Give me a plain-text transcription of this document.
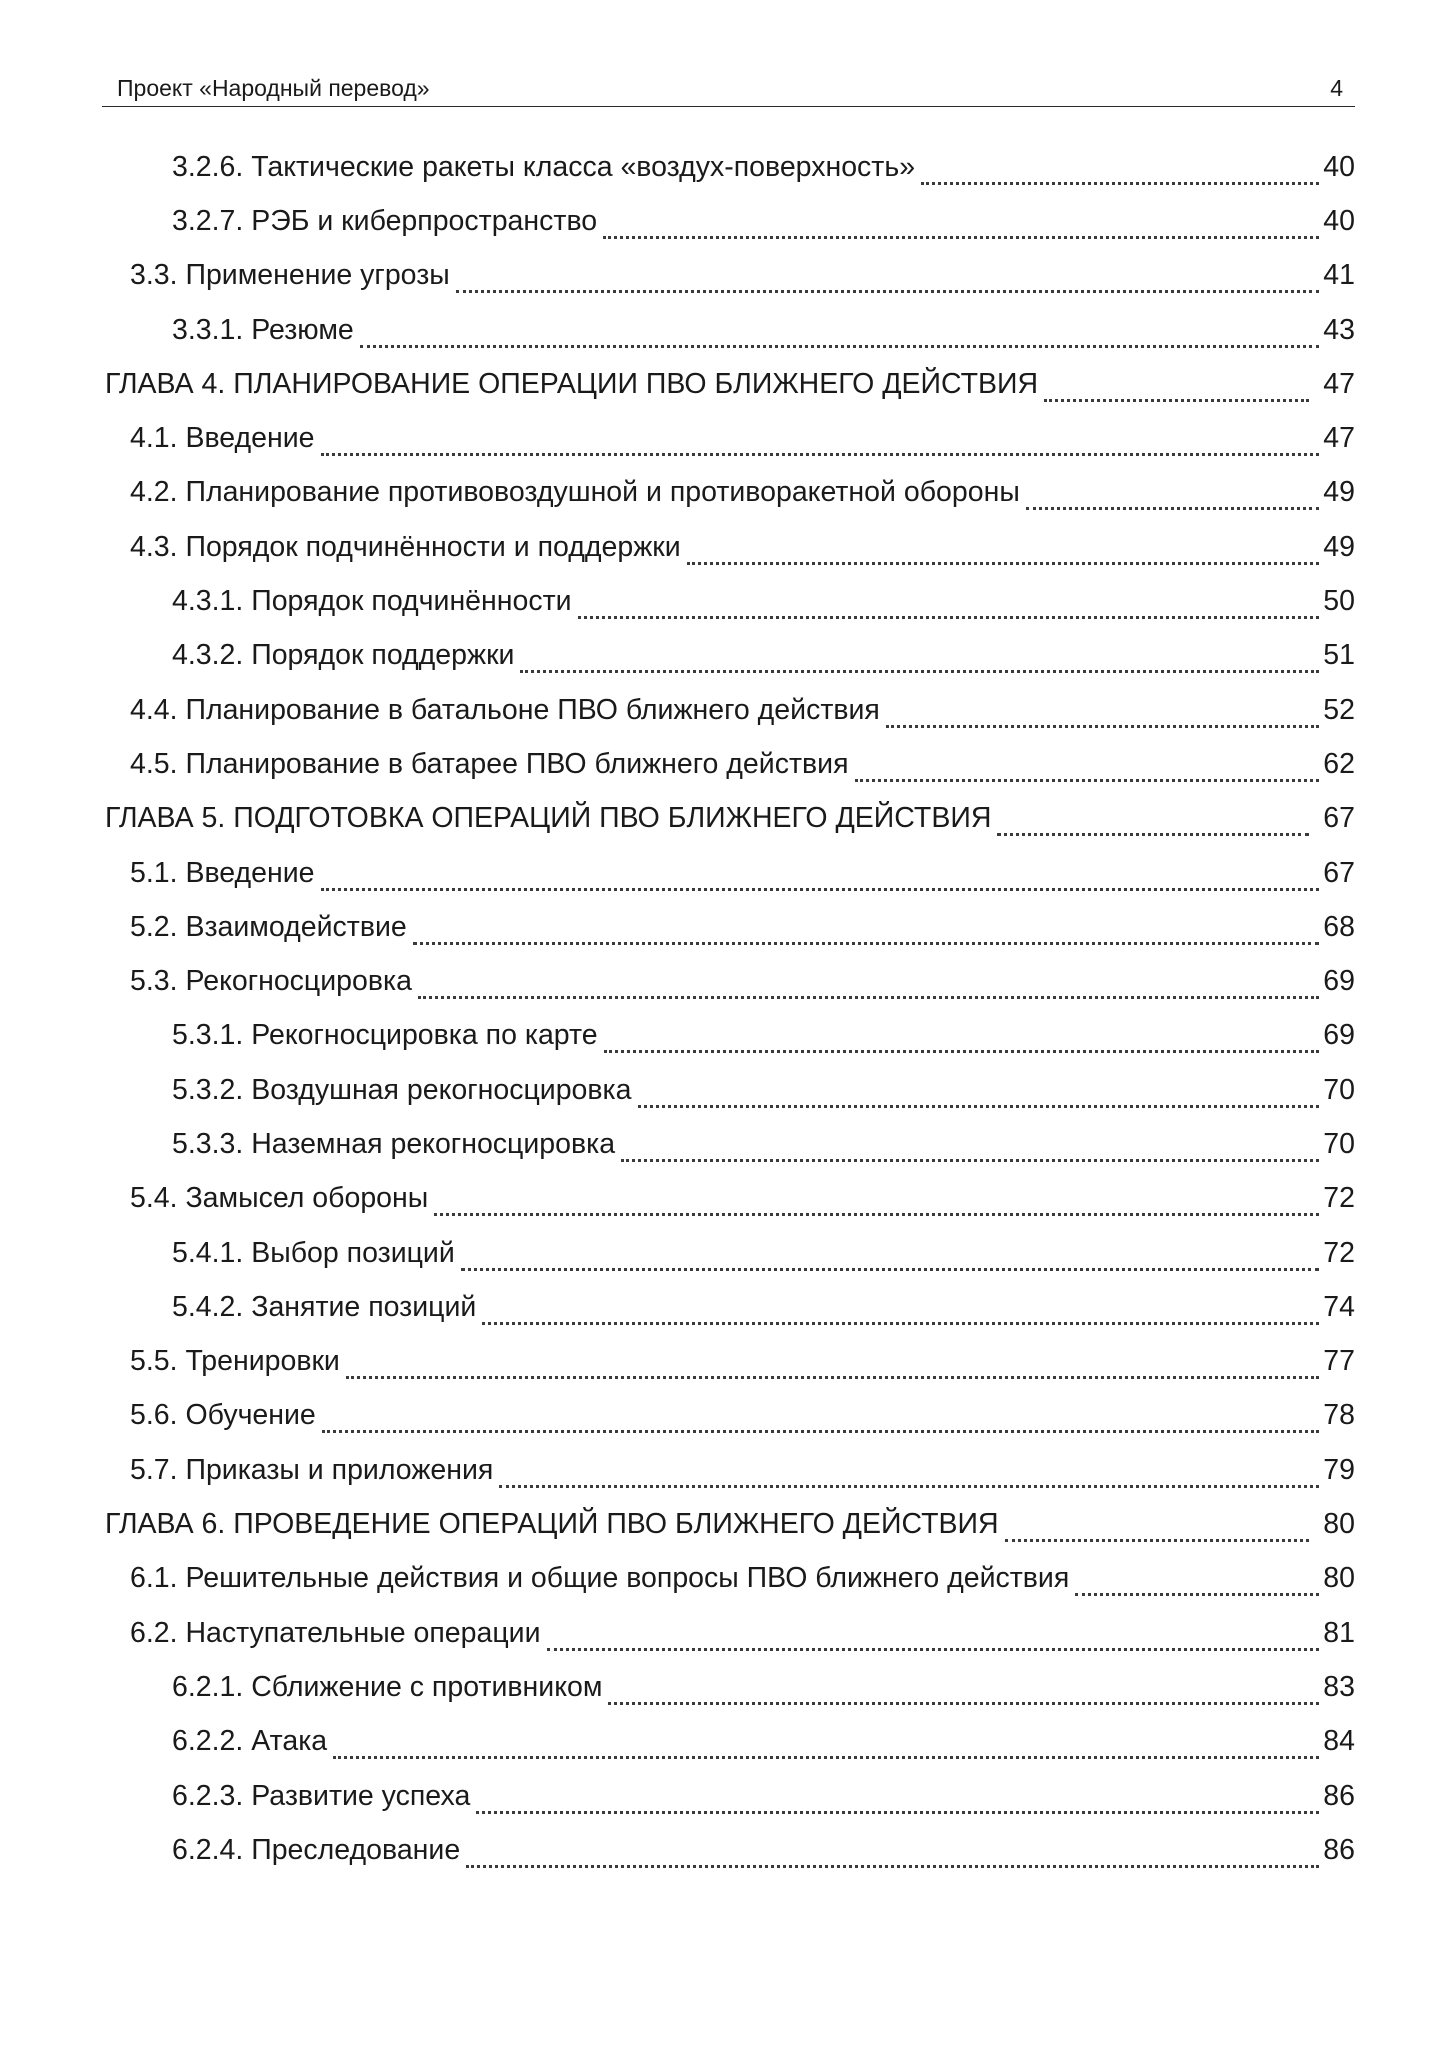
Проект «Народный перевод»	4
3.2.6. Тактические ракеты класса «воздух-поверхность»	40
3.2.7. РЭБ и киберпространство	40
3.3. Применение угрозы	41
3.3.1. Резюме	43
ГЛАВА 4. ПЛАНИРОВАНИЕ ОПЕРАЦИИ ПВО БЛИЖНЕГО ДЕЙСТВИЯ	47
4.1. Введение	47
4.2. Планирование противовоздушной и противоракетной обороны	49
4.3. Порядок подчинённости и поддержки	49
4.3.1. Порядок подчинённости	50
4.3.2. Порядок поддержки	51
4.4. Планирование в батальоне ПВО ближнего действия	52
4.5. Планирование в батарее ПВО ближнего действия	62
ГЛАВА 5. ПОДГОТОВКА ОПЕРАЦИЙ ПВО БЛИЖНЕГО ДЕЙСТВИЯ	67
5.1. Введение	67
5.2. Взаимодействие	68
5.3. Рекогносцировка	69
5.3.1. Рекогносцировка по карте	69
5.3.2. Воздушная рекогносцировка	70
5.3.3. Наземная рекогносцировка	70
5.4. Замысел обороны	72
5.4.1. Выбор позиций	72
5.4.2. Занятие позиций	74
5.5. Тренировки	77
5.6. Обучение	78
5.7. Приказы и приложения	79
ГЛАВА 6. ПРОВЕДЕНИЕ ОПЕРАЦИЙ ПВО БЛИЖНЕГО ДЕЙСТВИЯ	80
6.1. Решительные действия и общие вопросы ПВО ближнего действия	80
6.2. Наступательные операции	81
6.2.1. Сближение с противником	83
6.2.2. Атака	84
6.2.3. Развитие успеха	86
6.2.4. Преследование	86
